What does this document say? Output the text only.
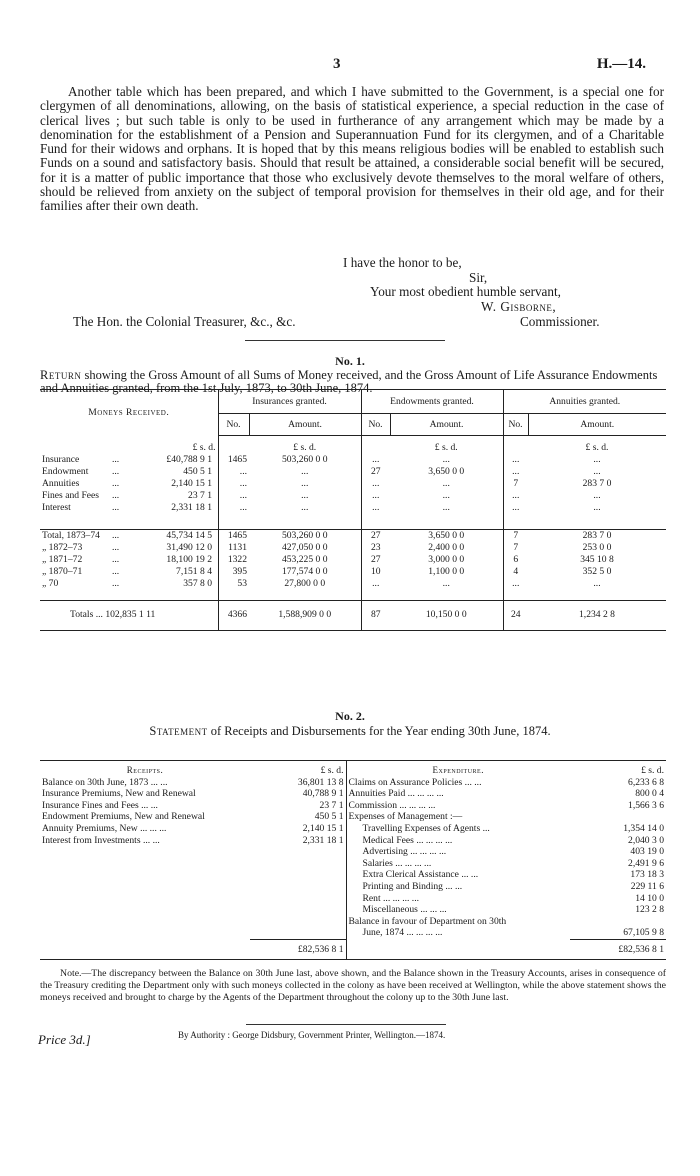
3	H.—14.
Another table which has been prepared, and which I have submitted to the Government, is a special one for clergymen of all denominations, allowing, on the basis of statistical experience, a special reduction in the case of clerical lives ; but such table is only to be used in furtherance of any arrangement which may be made by a denomination for the establishment of a Pension and Superannuation Fund for its clergymen, and of a Charitable Fund for their widows and orphans. It is hoped that by this means religious bodies will be enabled to establish such Funds on a sound and satisfactory basis. Should that result be attained, a considerable social benefit will be secured, for it is a matter of public importance that those who exclusively devote themselves to the moral welfare of others, should be relieved from anxiety on the subject of temporal provision for themselves in their old age, and for their families after their own death.
I have the honor to be,
Sir,
Your most obedient humble servant,
W. Gisborne,
The Hon. the Colonial Treasurer, &c., &c.	Commissioner.
No. 1.
Return showing the Gross Amount of all Sums of Money received, and the Gross Amount of Life Assurance Endowments and Annuities granted, from the 1st July, 1873, to 30th June, 1874.
Moneys Received.	Insurances granted.		Endowments granted.		Annuities granted.	
	No.	Amount.	No.	Amount.	No.	Amount.
£ s. d.		£ s. d.		£ s. d.		£ s. d.
Insurance ... £40,788 9 1	1465	503,260 0 0	...	...	...	...
Endowment ... 450 5 1	...	...	27	3,650 0 0	...	...
Annuities ... 2,140 15 1	...	...	...	...	7	283 7 0
Fines and Fees ... 23 7 1	...	...	...	...	...	...
Interest ... 2,331 18 1	...	...	...	...	...	...

Total, 1873–74 ... 45,734 14 5	1465	503,260 0 0	27	3,650 0 0	7	283 7 0
„ 1872–73 ... 31,490 12 0	1131	427,050 0 0	23	2,400 0 0	7	253 0 0
„ 1871–72 ... 18,100 19 2	1322	453,225 0 0	27	3,000 0 0	6	345 10 8
„ 1870–71 ... 7,151 8 4	395	177,574 0 0	10	1,100 0 0	4	352 5 0
„ 70 ... 357 8 0	53	27,800 0 0	...	...	...	...

Totals ... 102,835 1 11	4366	1,588,909 0 0	87	10,150 0 0	24	1,234 2 8

No. 2.
Statement of Receipts and Disbursements for the Year ending 30th June, 1874.
Receipts.	£ s. d.	Expenditure.	£ s. d.

Balance on 30th June, 1873 ... ...	36,801 13 8
Insurance Premiums, New and Renewal	40,788 9 1
Insurance Fines and Fees ... ...	23 7 1
Endowment Premiums, New and Renewal	450 5 1
Annuity Premiums, New ... ... ...	2,140 15 1
Interest from Investments ... ...	2,331 18 1

Claims on Assurance Policies ... ...	6,233 6 8
Annuities Paid ... ... ... ...	800 0 4
Commission ... ... ... ...	1,566 3 6
Expenses of Management :—	
Travelling Expenses of Agents ...	1,354 14 0
Medical Fees ... ... ... ...	2,040 3 0
Advertising ... ... ... ...	403 19 0
Salaries ... ... ... ...	2,491 9 6
Extra Clerical Assistance ... ...	173 18 3
Printing and Binding ... ...	229 11 6
Rent ... ... ... ...	14 10 0
Miscellaneous ... ... ...	123 2 8
Balance in favour of Department on 30th	
June, 1874 ... ... ... ...	67,105 9 8

	£82,536 8 1		£82,536 8 1
Note.—The discrepancy between the Balance on 30th June last, above shown, and the Balance shown in the Treasury Accounts, arises in consequence of the Treasury crediting the Department only with such moneys collected in the colony as have been received at Wellington, while the above statement shows the moneys received and brought to charge by the Agents of the Department throughout the colony up to the 30th June last.
By Authority : George Didsbury, Government Printer, Wellington.—1874.
Price 3d.]
